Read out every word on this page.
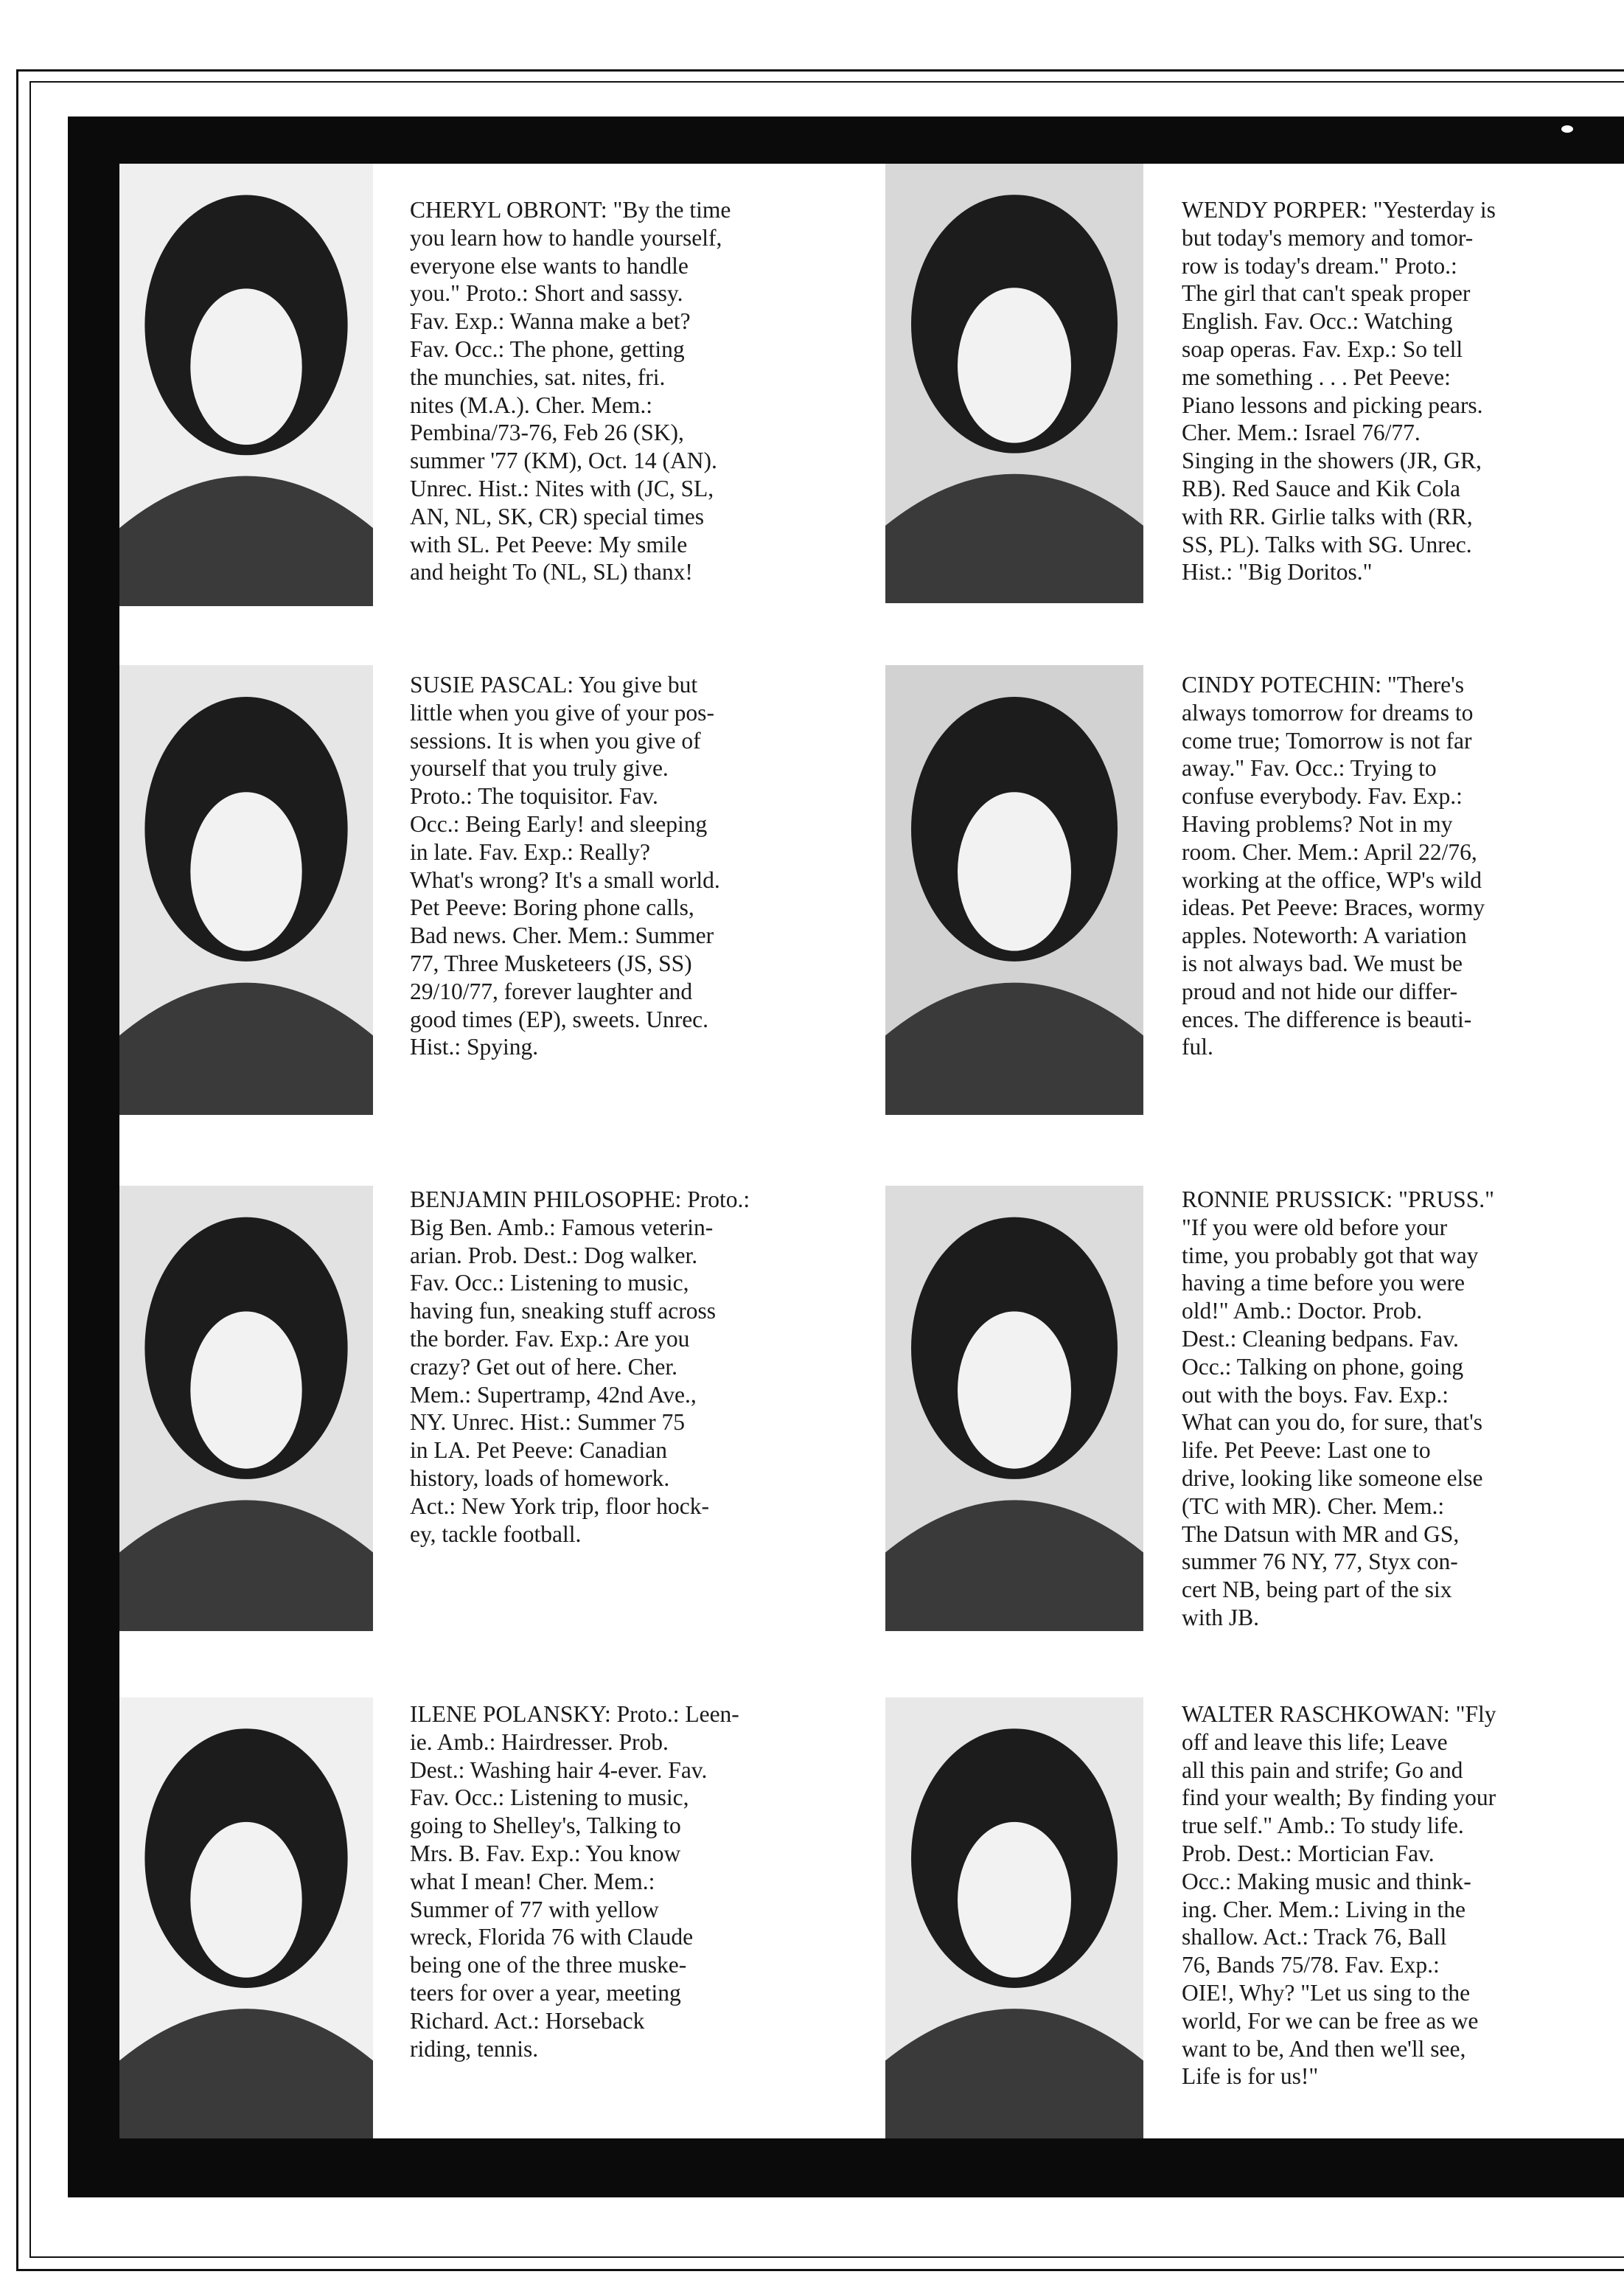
CHERYL OBRONT: "By the time
you learn how to handle yourself,
everyone else wants to handle
you." Proto.: Short and sassy.
Fav. Exp.: Wanna make a bet?
Fav. Occ.: The phone, getting
the munchies, sat. nites, fri.
nites (M.A.). Cher. Mem.:
Pembina/73-76, Feb 26 (SK),
summer '77 (KM), Oct. 14 (AN).
Unrec. Hist.: Nites with (JC, SL,
AN, NL, SK, CR) special times
with SL. Pet Peeve: My smile
and height To (NL, SL) thanx!

WENDY PORPER: "Yesterday is
but today's memory and tomor-
row is today's dream." Proto.:
The girl that can't speak proper
English. Fav. Occ.: Watching
soap operas. Fav. Exp.: So tell
me something . . . Pet Peeve:
Piano lessons and picking pears.
Cher. Mem.: Israel 76/77.
Singing in the showers (JR, GR,
RB). Red Sauce and Kik Cola
with RR. Girlie talks with (RR,
SS, PL). Talks with SG. Unrec.
Hist.: "Big Doritos."

SUSIE PASCAL: You give but
little when you give of your pos-
sessions. It is when you give of
yourself that you truly give.
Proto.: The toquisitor. Fav.
Occ.: Being Early! and sleeping
in late. Fav. Exp.: Really?
What's wrong? It's a small world.
Pet Peeve: Boring phone calls,
Bad news. Cher. Mem.: Summer
77, Three Musketeers (JS, SS)
29/10/77, forever laughter and
good times (EP), sweets. Unrec.
Hist.: Spying.

CINDY POTECHIN: "There's
always tomorrow for dreams to
come true; Tomorrow is not far
away." Fav. Occ.: Trying to
confuse everybody. Fav. Exp.:
Having problems? Not in my
room. Cher. Mem.: April 22/76,
working at the office, WP's wild
ideas. Pet Peeve: Braces, wormy
apples. Noteworth: A variation
is not always bad. We must be
proud and not hide our differ-
ences. The difference is beauti-
ful.

BENJAMIN PHILOSOPHE: Proto.:
Big Ben. Amb.: Famous veterin-
arian. Prob. Dest.: Dog walker.
Fav. Occ.: Listening to music,
having fun, sneaking stuff across
the border. Fav. Exp.: Are you
crazy? Get out of here. Cher.
Mem.: Supertramp, 42nd Ave.,
NY. Unrec. Hist.: Summer 75
in LA. Pet Peeve: Canadian
history, loads of homework.
Act.: New York trip, floor hock-
ey, tackle football.

RONNIE PRUSSICK: "PRUSS."
"If you were old before your
time, you probably got that way
having a time before you were
old!" Amb.: Doctor. Prob.
Dest.: Cleaning bedpans. Fav.
Occ.: Talking on phone, going
out with the boys. Fav. Exp.:
What can you do, for sure, that's
life. Pet Peeve: Last one to
drive, looking like someone else
(TC with MR). Cher. Mem.:
The Datsun with MR and GS,
summer 76 NY, 77, Styx con-
cert NB, being part of the six
with JB.

ILENE POLANSKY: Proto.: Leen-
ie. Amb.: Hairdresser. Prob.
Dest.: Washing hair 4-ever. Fav.
Fav. Occ.: Listening to music,
going to Shelley's, Talking to
Mrs. B. Fav. Exp.: You know
what I mean! Cher. Mem.:
Summer of 77 with yellow
wreck, Florida 76 with Claude
being one of the three muske-
teers for over a year, meeting
Richard. Act.: Horseback
riding, tennis.

WALTER RASCHKOWAN: "Fly
off and leave this life; Leave
all this pain and strife; Go and
find your wealth; By finding your
true self." Amb.: To study life.
Prob. Dest.: Mortician Fav.
Occ.: Making music and think-
ing. Cher. Mem.: Living in the
shallow. Act.: Track 76, Ball
76, Bands 75/78. Fav. Exp.:
OIE!, Why? "Let us sing to the
world, For we can be free as we
want to be, And then we'll see,
Life is for us!"
